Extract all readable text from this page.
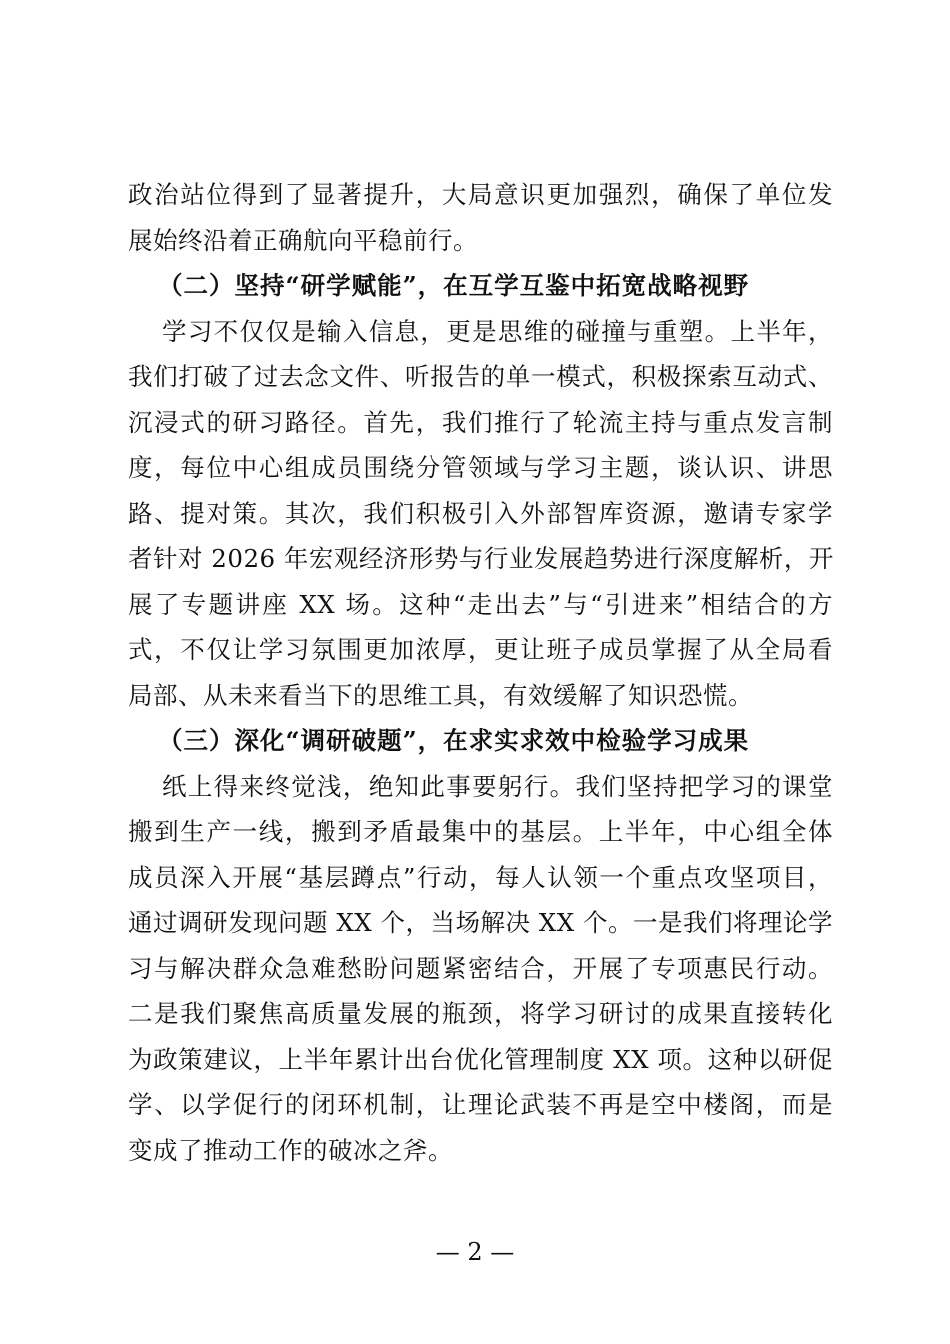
政治站位得到了显著提升，大局意识更加强烈，确保了单位发
展始终沿着正确航向平稳前行。
（二）坚持“研学赋能”，在互学互鉴中拓宽战略视野
学习不仅仅是输入信息，更是思维的碰撞与重塑。上半年，
我们打破了过去念文件、听报告的单一模式，积极探索互动式、
沉浸式的研习路径。首先，我们推行了轮流主持与重点发言制
度，每位中心组成员围绕分管领域与学习主题，谈认识、讲思
路、提对策。其次，我们积极引入外部智库资源，邀请专家学
者针对 2026 年宏观经济形势与行业发展趋势进行深度解析，开
展了专题讲座 XX 场。这种“走出去”与“引进来”相结合的方
式，不仅让学习氛围更加浓厚，更让班子成员掌握了从全局看
局部、从未来看当下的思维工具，有效缓解了知识恐慌。
（三）深化“调研破题”，在求实求效中检验学习成果
纸上得来终觉浅，绝知此事要躬行。我们坚持把学习的课堂
搬到生产一线，搬到矛盾最集中的基层。上半年，中心组全体
成员深入开展“基层蹲点”行动，每人认领一个重点攻坚项目，
通过调研发现问题 XX 个，当场解决 XX 个。一是我们将理论学
习与解决群众急难愁盼问题紧密结合，开展了专项惠民行动。
二是我们聚焦高质量发展的瓶颈，将学习研讨的成果直接转化
为政策建议，上半年累计出台优化管理制度 XX 项。这种以研促
学、以学促行的闭环机制，让理论武装不再是空中楼阁，而是
变成了推动工作的破冰之斧。
— 2 —
